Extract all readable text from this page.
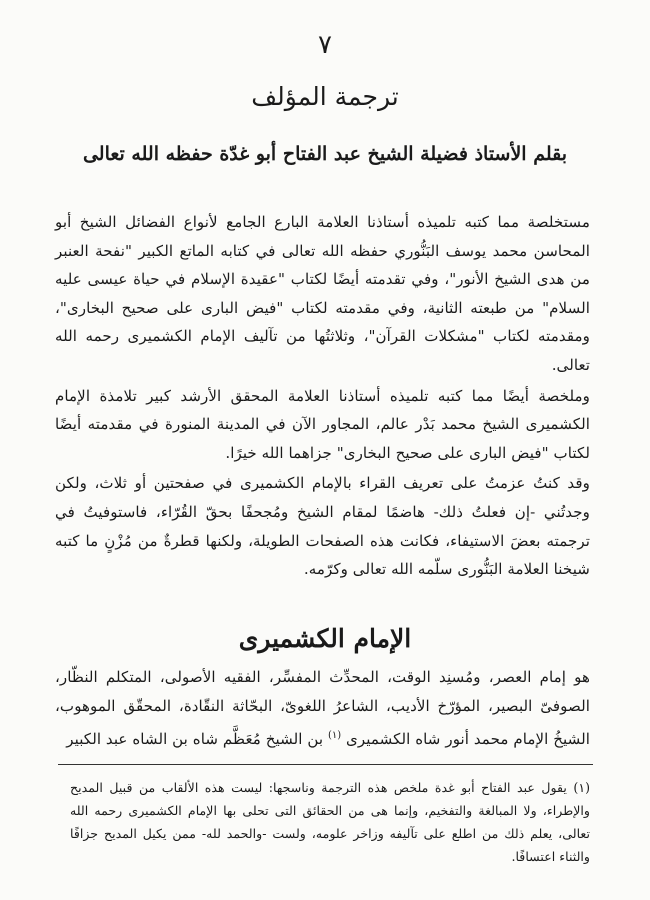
٧
ترجمة المؤلف
بقلم الأستاذ فضيلة الشيخ عبد الفتاح أبو غدّة حفظه الله تعالى

مستخلصة مما كتبه تلميذه أستاذنا العلامة البارع الجامع لأنواع الفضائل الشيخ أبو المحاسن محمد يوسف البَنُّوري حفظه الله تعالى في كتابه الماتع الكبير "نفحة العنبر من هدى الشيخ الأنور"، وفي تقدمته أيضًا لكتاب "عقيدة الإسلام في حياة عيسى عليه السلام" من طبعته الثانية، وفي مقدمته لكتاب "فيض البارى على صحيح البخارى"، ومقدمته لكتاب "مشكلات القرآن"، وثلاثتُها من تآليف الإمام الكشميرى رحمه الله تعالى.

وملخصة أيضًا مما كتبه تلميذه أستاذنا العلامة المحقق الأرشد كبير تلامذة الإمام الكشميرى الشيخ محمد بَدْر عالم، المجاور الآن في المدينة المنورة في مقدمته أيضًا لكتاب "فيض البارى على صحيح البخارى" جزاهما الله خيرًا.

وقد كنتُ عزمتُ على تعريف القراء بالإمام الكشميرى في صفحتين أو ثلاث، ولكن وجدتُني -إن فعلتُ ذلك- هاضمًا لمقام الشيخ ومُجحفًا بحقّ القُرّاء، فاستوفيتُ في ترجمته بعضَ الاستيفاء، فكانت هذه الصفحات الطويلة، ولكنها قطرةٌ من مُزْنٍ ما كتبه شيخنا العلامة البَنُّورى سلّمه الله تعالى وكرّمه.

الإمام الكشميرى

هو إمام العصر، ومُسنِد الوقت، المحدِّث المفسِّر، الفقيه الأصولى، المتكلم النظّار، الصوفىّ البصير، المؤرّخ الأديب، الشاعرُ اللغوىّ، البحّاثة النقّادة، المحقّق الموهوب، الشيخُ الإمام محمد أنور شاه الكشميرى $^{(١)}$ بن الشيخ مُعَظَّم شاه بن الشاه عبد الكبير

(١) يقول عبد الفتاح أبو غدة ملخص هذه الترجمة وناسجها: ليست هذه الألقاب من قبيل المديح والإطراء، ولا المبالغة والتفخيم، وإنما هى من الحقائق التى تحلى بها الإمام الكشميرى رحمه الله تعالى، يعلم ذلك من اطلع على تآليفه وزاخر علومه، ولست -والحمد لله- ممن يكيل المديح جزافًا والثناء اعتسافًا.
